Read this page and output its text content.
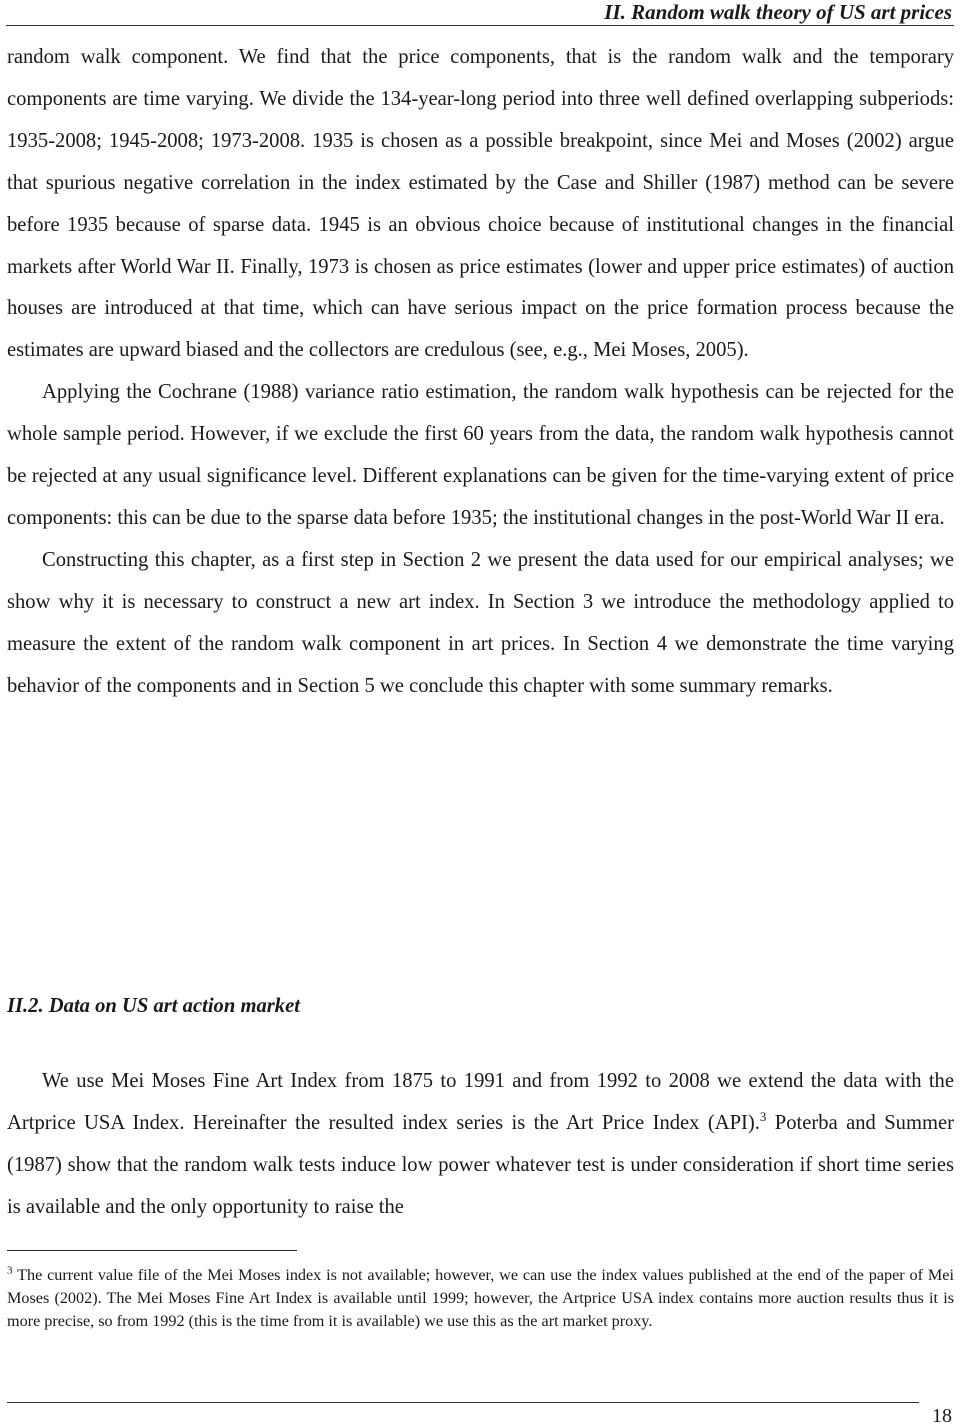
II. Random walk theory of US art prices

random walk component. We find that the price components, that is the random walk and the temporary components are time varying. We divide the 134-year-long period into three well defined overlapping subperiods: 1935-2008; 1945-2008; 1973-2008. 1935 is chosen as a possible breakpoint, since Mei and Moses (2002) argue that spurious negative correlation in the index estimated by the Case and Shiller (1987) method can be severe before 1935 because of sparse data. 1945 is an obvious choice because of institutional changes in the financial markets after World War II. Finally, 1973 is chosen as price estimates (lower and upper price estimates) of auction houses are introduced at that time, which can have serious impact on the price formation process because the estimates are upward biased and the collectors are credulous (see, e.g., Mei Moses, 2005).

Applying the Cochrane (1988) variance ratio estimation, the random walk hypothesis can be rejected for the whole sample period. However, if we exclude the first 60 years from the data, the random walk hypothesis cannot be rejected at any usual significance level. Different explanations can be given for the time-varying extent of price components: this can be due to the sparse data before 1935; the institutional changes in the post-World War II era.

Constructing this chapter, as a first step in Section 2 we present the data used for our empirical analyses; we show why it is necessary to construct a new art index. In Section 3 we introduce the methodology applied to measure the extent of the random walk component in art prices. In Section 4 we demonstrate the time varying behavior of the components and in Section 5 we conclude this chapter with some summary remarks.

II.2. Data on US art action market

We use Mei Moses Fine Art Index from 1875 to 1991 and from 1992 to 2008 we extend the data with the Artprice USA Index. Hereinafter the resulted index series is the Art Price Index (API).$^3$ Poterba and Summer (1987) show that the random walk tests induce low power whatever test is under consideration if short time series is available and the only opportunity to raise the

$^3$ The current value file of the Mei Moses index is not available; however, we can use the index values published at the end of the paper of Mei Moses (2002). The Mei Moses Fine Art Index is available until 1999; however, the Artprice USA index contains more auction results thus it is more precise, so from 1992 (this is the time from it is available) we use this as the art market proxy.
18
